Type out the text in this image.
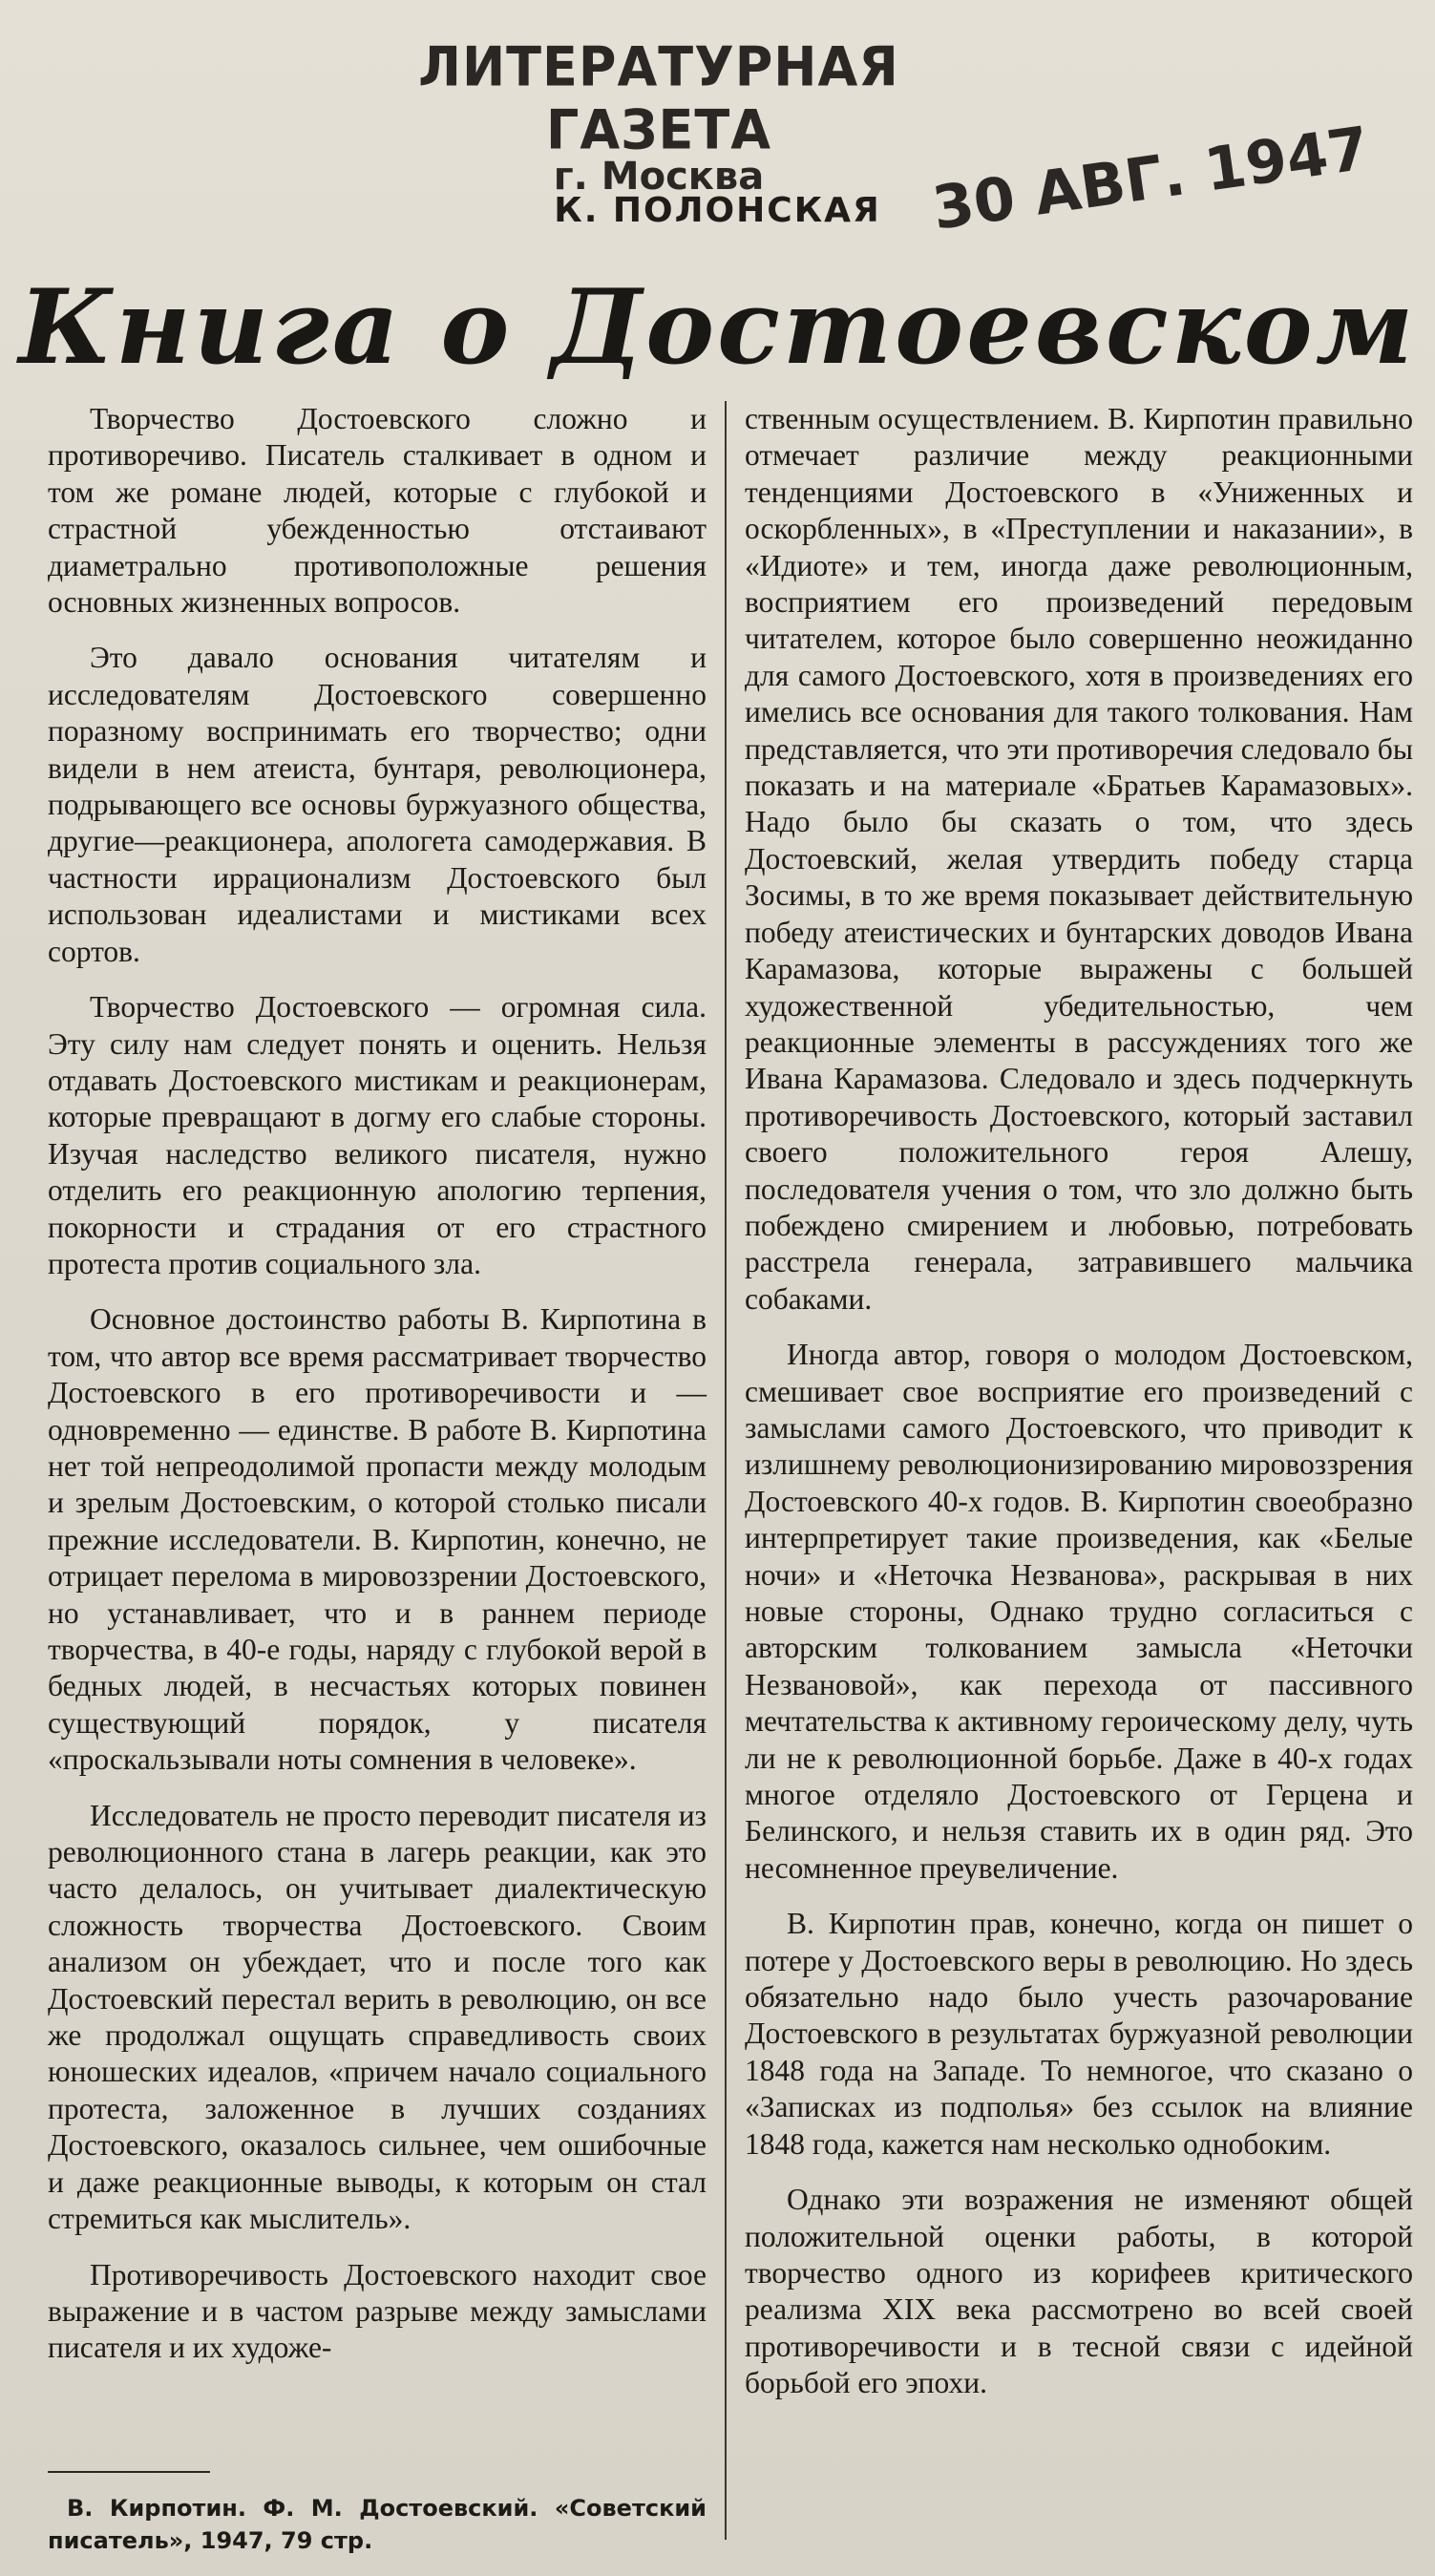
ЛИТЕРАТУРНАЯ ГАЗЕТА
г. Москва	30 АВГ. 1947
К. ПОЛОНСКАЯ
Книга о Достоевском

Творчество Достоевского сложно и противоречиво. Писатель сталкивает в одном и том же романе людей, которые с глубокой и страстной убежденностью отстаивают диаметрально противоположные решения основных жизненных вопросов.

Это давало основания читателям и исследователям Достоевского совершенно поразному воспринимать его творчество; одни видели в нем атеиста, бунтаря, революционера, подрывающего все основы буржуазного общества, другие—реакционера, апологета самодержавия. В частности иррационализм Достоевского был использован идеалистами и мистиками всех сортов.

Творчество Достоевского — огромная сила. Эту силу нам следует понять и оценить. Нельзя отдавать Достоевского мистикам и реакционерам, которые превращают в догму его слабые стороны. Изучая наследство великого писателя, нужно отделить его реакционную апологию терпения, покорности и страдания от его страстного протеста против социального зла.

Основное достоинство работы В. Кирпотина в том, что автор все время рассматривает творчество Достоевского в его противоречивости и — одновременно — единстве. В работе В. Кирпотина нет той непреодолимой пропасти между молодым и зрелым Достоевским, о которой столько писали прежние исследователи. В. Кирпотин, конечно, не отрицает перелома в мировоззрении Достоевского, но устанавливает, что и в раннем периоде творчества, в 40-е годы, наряду с глубокой верой в бедных людей, в несчастьях которых повинен существующий порядок, у писателя «проскальзывали ноты сомнения в человеке».

Исследователь не просто переводит писателя из революционного стана в лагерь реакции, как это часто делалось, он учитывает диалектическую сложность творчества Достоевского. Своим анализом он убеждает, что и после того как Достоевский перестал верить в революцию, он все же продолжал ощущать справедливость своих юношеских идеалов, «причем начало социального протеста, заложенное в лучших созданиях Достоевского, оказалось сильнее, чем ошибочные и даже реакционные выводы, к которым он стал стремиться как мыслитель».

Противоречивость Достоевского находит свое выражение и в частом разрыве между замыслами писателя и их художе-

ственным осуществлением. В. Кирпотин правильно отмечает различие между реакционными тенденциями Достоевского в «Униженных и оскорбленных», в «Преступлении и наказании», в «Идиоте» и тем, иногда даже революционным, восприятием его произведений передовым читателем, которое было совершенно неожиданно для самого Достоевского, хотя в произведениях его имелись все основания для такого толкования. Нам представляется, что эти противоречия следовало бы показать и на материале «Братьев Карамазовых». Надо было бы сказать о том, что здесь Достоевский, желая утвердить победу старца Зосимы, в то же время показывает действительную победу атеистических и бунтарских доводов Ивана Карамазова, которые выражены с большей художественной убедительностью, чем реакционные элементы в рассуждениях того же Ивана Карамазова. Следовало и здесь подчеркнуть противоречивость Достоевского, который заставил своего положительного героя Алешу, последователя учения о том, что зло должно быть побеждено смирением и любовью, потребовать расстрела генерала, затравившего мальчика собаками.

Иногда автор, говоря о молодом Достоевском, смешивает свое восприятие его произведений с замыслами самого Достоевского, что приводит к излишнему революционизированию мировоззрения Достоевского 40-х годов. В. Кирпотин своеобразно интерпретирует такие произведения, как «Белые ночи» и «Неточка Незванова», раскрывая в них новые стороны, Однако трудно согласиться с авторским толкованием замысла «Неточки Незвановой», как перехода от пассивного мечтательства к активному героическому делу, чуть ли не к революционной борьбе. Даже в 40-х годах многое отделяло Достоевского от Герцена и Белинского, и нельзя ставить их в один ряд. Это несомненное преувеличение.

В. Кирпотин прав, конечно, когда он пишет о потере у Достоевского веры в революцию. Но здесь обязательно надо было учесть разочарование Достоевского в результатах буржуазной революции 1848 года на Западе. То немногое, что сказано о «Записках из подполья» без ссылок на влияние 1848 года, кажется нам несколько однобоким.

Однако эти возражения не изменяют общей положительной оценки работы, в которой творчество одного из корифеев критического реализма XIX века рассмотрено во всей своей противоречивости и в тесной связи с идейной борьбой его эпохи.

В. Кирпотин. Ф. М. Достоевский. «Советский писатель», 1947, 79 стр.
